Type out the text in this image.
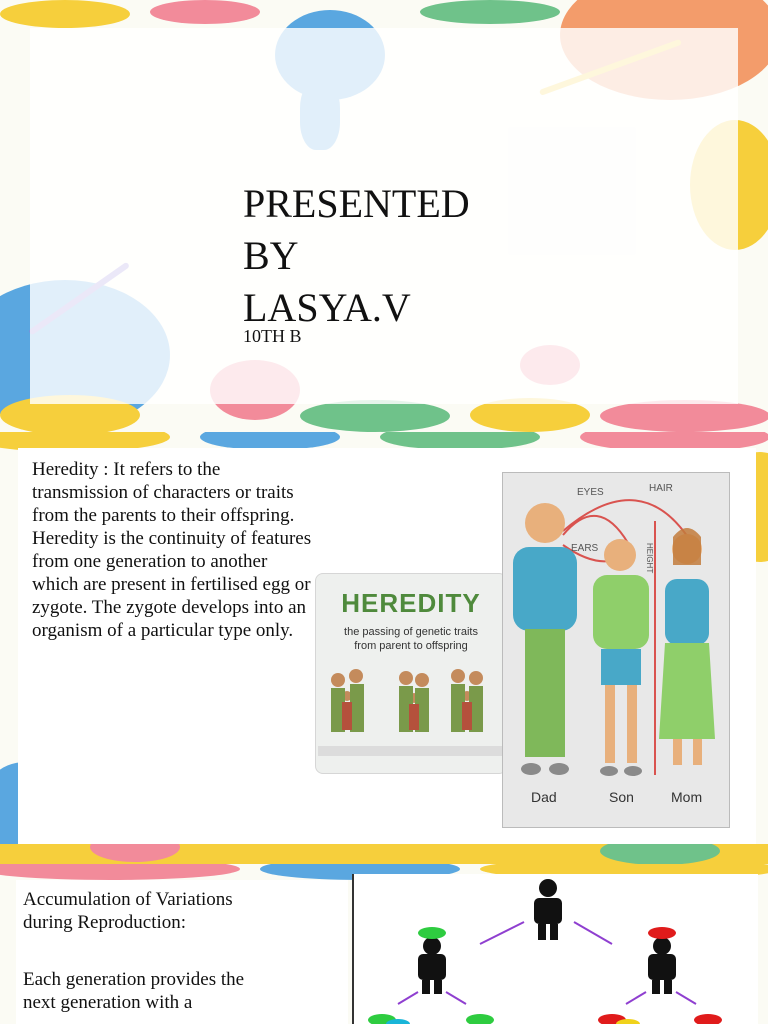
PRESENTED
BY
LASYA.V
10TH B
Heredity : It refers to the transmission of characters or traits from the parents to their offspring. Heredity is the continuity of features from one generation to another which are present in fertilised egg or zygote. The zygote develops into an organism of a particular type only.
HEREDITY
the passing of genetic traits
from parent to offspring
EYES	HAIR
EARS	HEIGHT
Dad	Son	Mom
Accumulation of Variations
during Reproduction:
Each generation provides the
next generation with a
